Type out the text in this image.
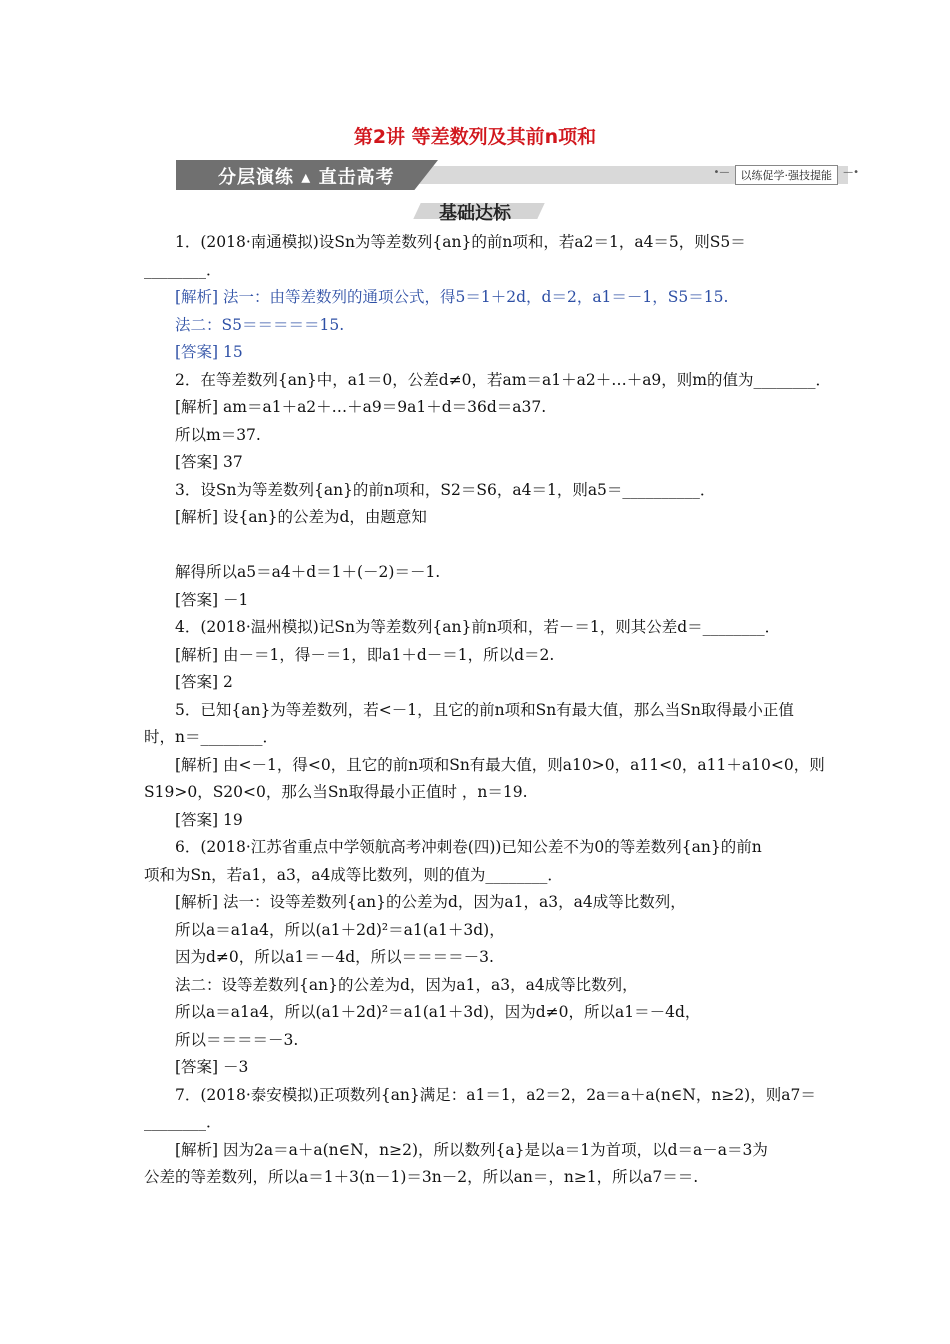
第2讲 等差数列及其前n项和
分层演练 ▴ 直击高考
•—	以练促学·强技提能 —•
基础达标
1．(2018·南通模拟)设Sn为等差数列{an}的前n项和，若a2＝1，a4＝5，则S5＝
________．
[解析] 法一：由等差数列的通项公式，得5＝1＋2d，d＝2，a1＝－1，S5＝15.
法二：S5＝＝＝＝＝15.
[答案] 15
2．在等差数列{an}中，a1＝0，公差d≠0，若am＝a1＋a2＋…＋a9，则m的值为________．
[解析] am＝a1＋a2＋…＋a9＝9a1＋d＝36d＝a37.
所以m＝37.
[答案] 37
3．设Sn为等差数列{an}的前n项和，S2＝S6，a4＝1，则a5＝__________．
[解析] 设{an}的公差为d，由题意知
解得所以a5＝a4＋d＝1＋(－2)＝－1.
[答案] －1
4．(2018·温州模拟)记Sn为等差数列{an}前n项和，若－＝1，则其公差d＝________．
[解析] 由－＝1，得－＝1，即a1＋d－＝1，所以d＝2.
[答案] 2
5．已知{an}为等差数列，若<－1，且它的前n项和Sn有最大值，那么当Sn取得最小正值
时，n＝________．
[解析] 由<－1，得<0，且它的前n项和Sn有最大值，则a10>0，a11<0，a11＋a10<0，则
S19>0，S20<0，那么当Sn取得最小正值时 ，n＝19.
[答案] 19
6．(2018·江苏省重点中学领航高考冲刺卷(四))已知公差不为0的等差数列{an}的前n
项和为Sn，若a1，a3，a4成等比数列，则的值为________．
[解析] 法一：设等差数列{an}的公差为d，因为a1，a3，a4成等比数列，
所以a＝a1a4，所以(a1＋2d)²＝a1(a1＋3d)，
因为d≠0，所以a1＝－4d，所以＝＝＝＝－3.
法二：设等差数列{an}的公差为d，因为a1，a3，a4成等比数列，
所以a＝a1a4，所以(a1＋2d)²＝a1(a1＋3d)，因为d≠0，所以a1＝－4d，
所以＝＝＝＝－3.
[答案] －3
7．(2018·泰安模拟)正项数列{an}满足：a1＝1，a2＝2，2a＝a＋a(n∈N，n≥2)，则a7＝
________．
[解析] 因为2a＝a＋a(n∈N，n≥2)，所以数列{a}是以a＝1为首项，以d＝a－a＝3为
公差的等差数列，所以a＝1＋3(n－1)＝3n－2，所以an＝，n≥1，所以a7＝＝.
